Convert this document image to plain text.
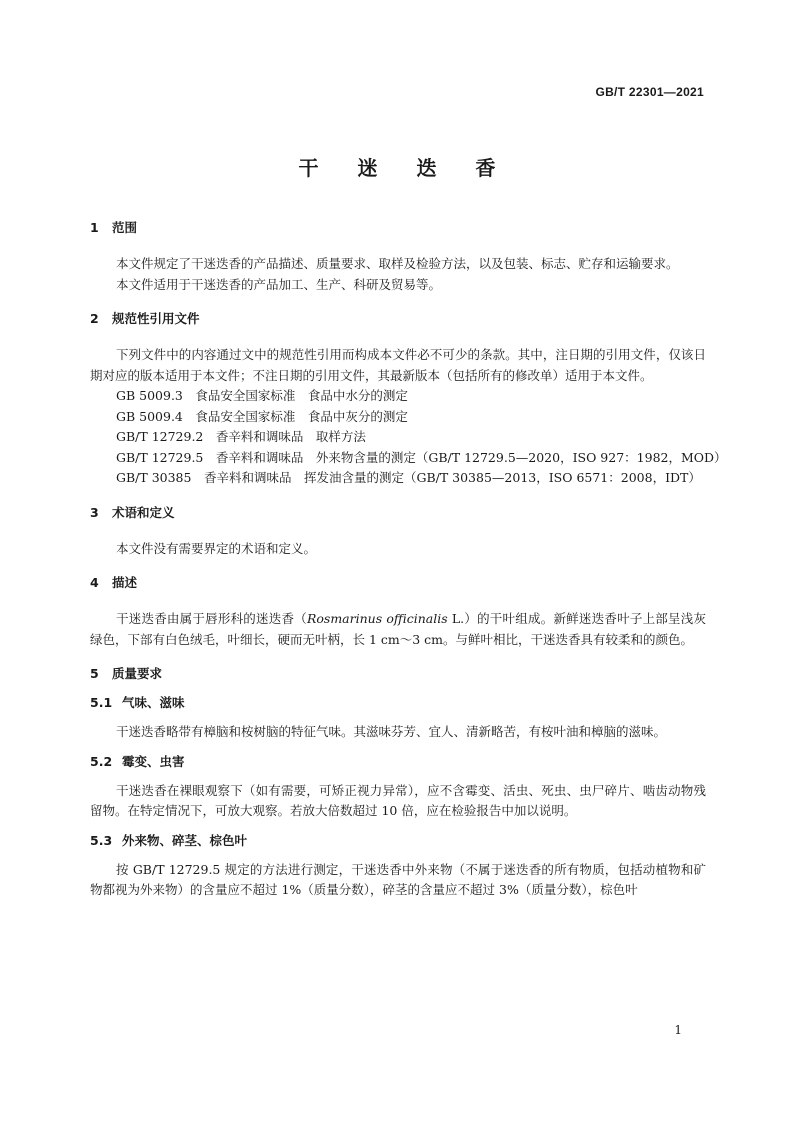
GB/T 22301—2021
干 迷 迭 香
1	范围

本文件规定了干迷迭香的产品描述、质量要求、取样及检验方法，以及包装、标志、贮存和运输要求。

本文件适用于干迷迭香的产品加工、生产、科研及贸易等。

2	规范性引用文件

下列文件中的内容通过文中的规范性引用而构成本文件必不可少的条款。其中，注日期的引用文件，仅该日期对应的版本适用于本文件；不注日期的引用文件，其最新版本（包括所有的修改单）适用于本文件。

GB 5009.3　食品安全国家标准　食品中水分的测定
GB 5009.4　食品安全国家标准　食品中灰分的测定
GB/T 12729.2　香辛料和调味品　取样方法
GB/T 12729.5　香辛料和调味品　外来物含量的测定（GB/T 12729.5—2020，ISO 927：1982，MOD）
GB/T 30385　香辛料和调味品　挥发油含量的测定（GB/T 30385—2013，ISO 6571：2008，IDT）
3	术语和定义

本文件没有需要界定的术语和定义。

4	描述

干迷迭香由属于唇形科的迷迭香（Rosmarinus officinalis L.）的干叶组成。新鲜迷迭香叶子上部呈浅灰绿色，下部有白色绒毛，叶细长，硬而无叶柄，长 1 cm～3 cm。与鲜叶相比，干迷迭香具有较柔和的颜色。

5	质量要求
5.1 气味、滋味

干迷迭香略带有樟脑和桉树脑的特征气味。其滋味芬芳、宜人、清新略苦，有桉叶油和樟脑的滋味。

5.2 霉变、虫害

干迷迭香在裸眼观察下（如有需要，可矫正视力异常），应不含霉变、活虫、死虫、虫尸碎片、啮齿动物残留物。在特定情况下，可放大观察。若放大倍数超过 10 倍，应在检验报告中加以说明。

5.3 外来物、碎茎、棕色叶

按 GB/T 12729.5 规定的方法进行测定，干迷迭香中外来物（不属于迷迭香的所有物质，包括动植物和矿物都视为外来物）的含量应不超过 1%（质量分数），碎茎的含量应不超过 3%（质量分数），棕色叶

1
